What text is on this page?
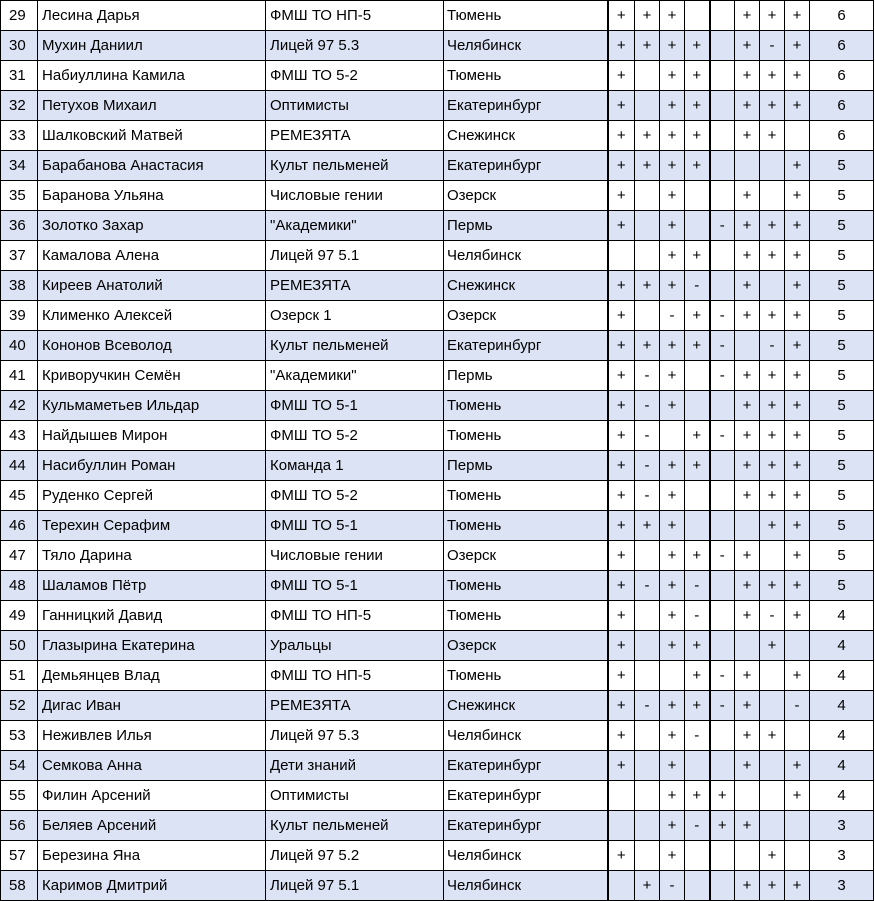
29	Лесина Дарья	ФМШ ТО НП-5	Тюмень	+	+	+			+	+	+	6
30	Мухин Даниил	Лицей 97 5.3	Челябинск	+	+	+	+		+	-	+	6
31	Набиуллина Камила	ФМШ ТО 5-2	Тюмень	+		+	+		+	+	+	6
32	Петухов Михаил	Оптимисты	Екатеринбург	+		+	+		+	+	+	6
33	Шалковский Матвей	РЕМЕЗЯТА	Снежинск	+	+	+	+		+	+		6
34	Барабанова Анастасия	Культ пельменей	Екатеринбург	+	+	+	+				+	5
35	Баранова Ульяна	Числовые гении	Озерск	+		+			+		+	5
36	Золотко Захар	"Академики"	Пермь	+		+		-	+	+	+	5
37	Камалова Алена	Лицей 97 5.1	Челябинск			+	+		+	+	+	5
38	Киреев Анатолий	РЕМЕЗЯТА	Снежинск	+	+	+	-		+		+	5
39	Клименко Алексей	Озерск 1	Озерск	+		-	+	-	+	+	+	5
40	Кононов Всеволод	Культ пельменей	Екатеринбург	+	+	+	+	-		-	+	5
41	Криворучкин Семён	"Академики"	Пермь	+	-	+		-	+	+	+	5
42	Кульмаметьев Ильдар	ФМШ ТО 5-1	Тюмень	+	-	+			+	+	+	5
43	Найдышев Мирон	ФМШ ТО 5-2	Тюмень	+	-		+	-	+	+	+	5
44	Насибуллин Роман	Команда 1	Пермь	+	-	+	+		+	+	+	5
45	Руденко Сергей	ФМШ ТО 5-2	Тюмень	+	-	+			+	+	+	5
46	Терехин Серафим	ФМШ ТО 5-1	Тюмень	+	+	+				+	+	5
47	Тяло Дарина	Числовые гении	Озерск	+		+	+	-	+		+	5
48	Шаламов Пётр	ФМШ ТО 5-1	Тюмень	+	-	+	-		+	+	+	5
49	Ганницкий Давид	ФМШ ТО НП-5	Тюмень	+		+	-		+	-	+	4
50	Глазырина Екатерина	Уральцы	Озерск	+		+	+			+		4
51	Демьянцев Влад	ФМШ ТО НП-5	Тюмень	+			+	-	+		+	4
52	Дигас Иван	РЕМЕЗЯТА	Снежинск	+	-	+	+	-	+		-	4
53	Неживлев Илья	Лицей 97 5.3	Челябинск	+		+	-		+	+		4
54	Семкова Анна	Дети знаний	Екатеринбург	+		+			+		+	4
55	Филин Арсений	Оптимисты	Екатеринбург			+	+	+			+	4
56	Беляев Арсений	Культ пельменей	Екатеринбург			+	-	+	+			3
57	Березина Яна	Лицей 97 5.2	Челябинск	+		+				+		3
58	Каримов Дмитрий	Лицей 97 5.1	Челябинск		+	-			+	+	+	3
